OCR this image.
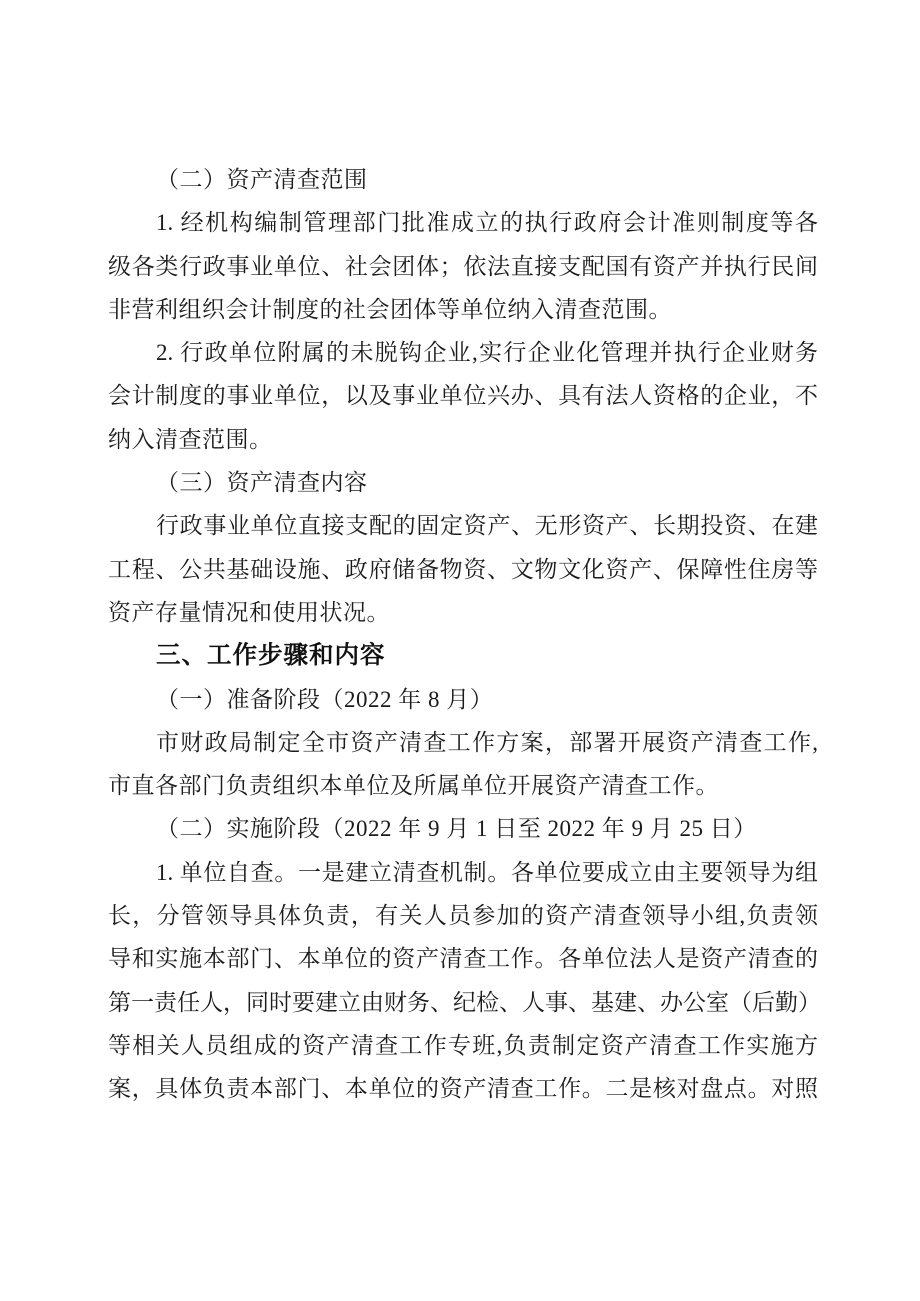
（二）资产清查范围
1. 经机构编制管理部门批准成立的执行政府会计准则制度等各
级各类行政事业单位、社会团体；依法直接支配国有资产并执行民间
非营利组织会计制度的社会团体等单位纳入清查范围。
2. 行政单位附属的未脱钩企业,实行企业化管理并执行企业财务
会计制度的事业单位，以及事业单位兴办、具有法人资格的企业，不
纳入清查范围。
（三）资产清查内容
行政事业单位直接支配的固定资产、无形资产、长期投资、在建
工程、公共基础设施、政府储备物资、文物文化资产、保障性住房等
资产存量情况和使用状况。
三、工作步骤和内容
（一）准备阶段（2022 年 8 月）
市财政局制定全市资产清查工作方案，部署开展资产清查工作,
市直各部门负责组织本单位及所属单位开展资产清查工作。
（二）实施阶段（2022 年 9 月 1 日至 2022 年 9 月 25 日）
1. 单位自查。一是建立清查机制。各单位要成立由主要领导为组
长，分管领导具体负责，有关人员参加的资产清查领导小组,负责领
导和实施本部门、本单位的资产清查工作。各单位法人是资产清查的
第一责任人，同时要建立由财务、纪检、人事、基建、办公室（后勤）
等相关人员组成的资产清查工作专班,负责制定资产清查工作实施方
案，具体负责本部门、本单位的资产清查工作。二是核对盘点。对照
